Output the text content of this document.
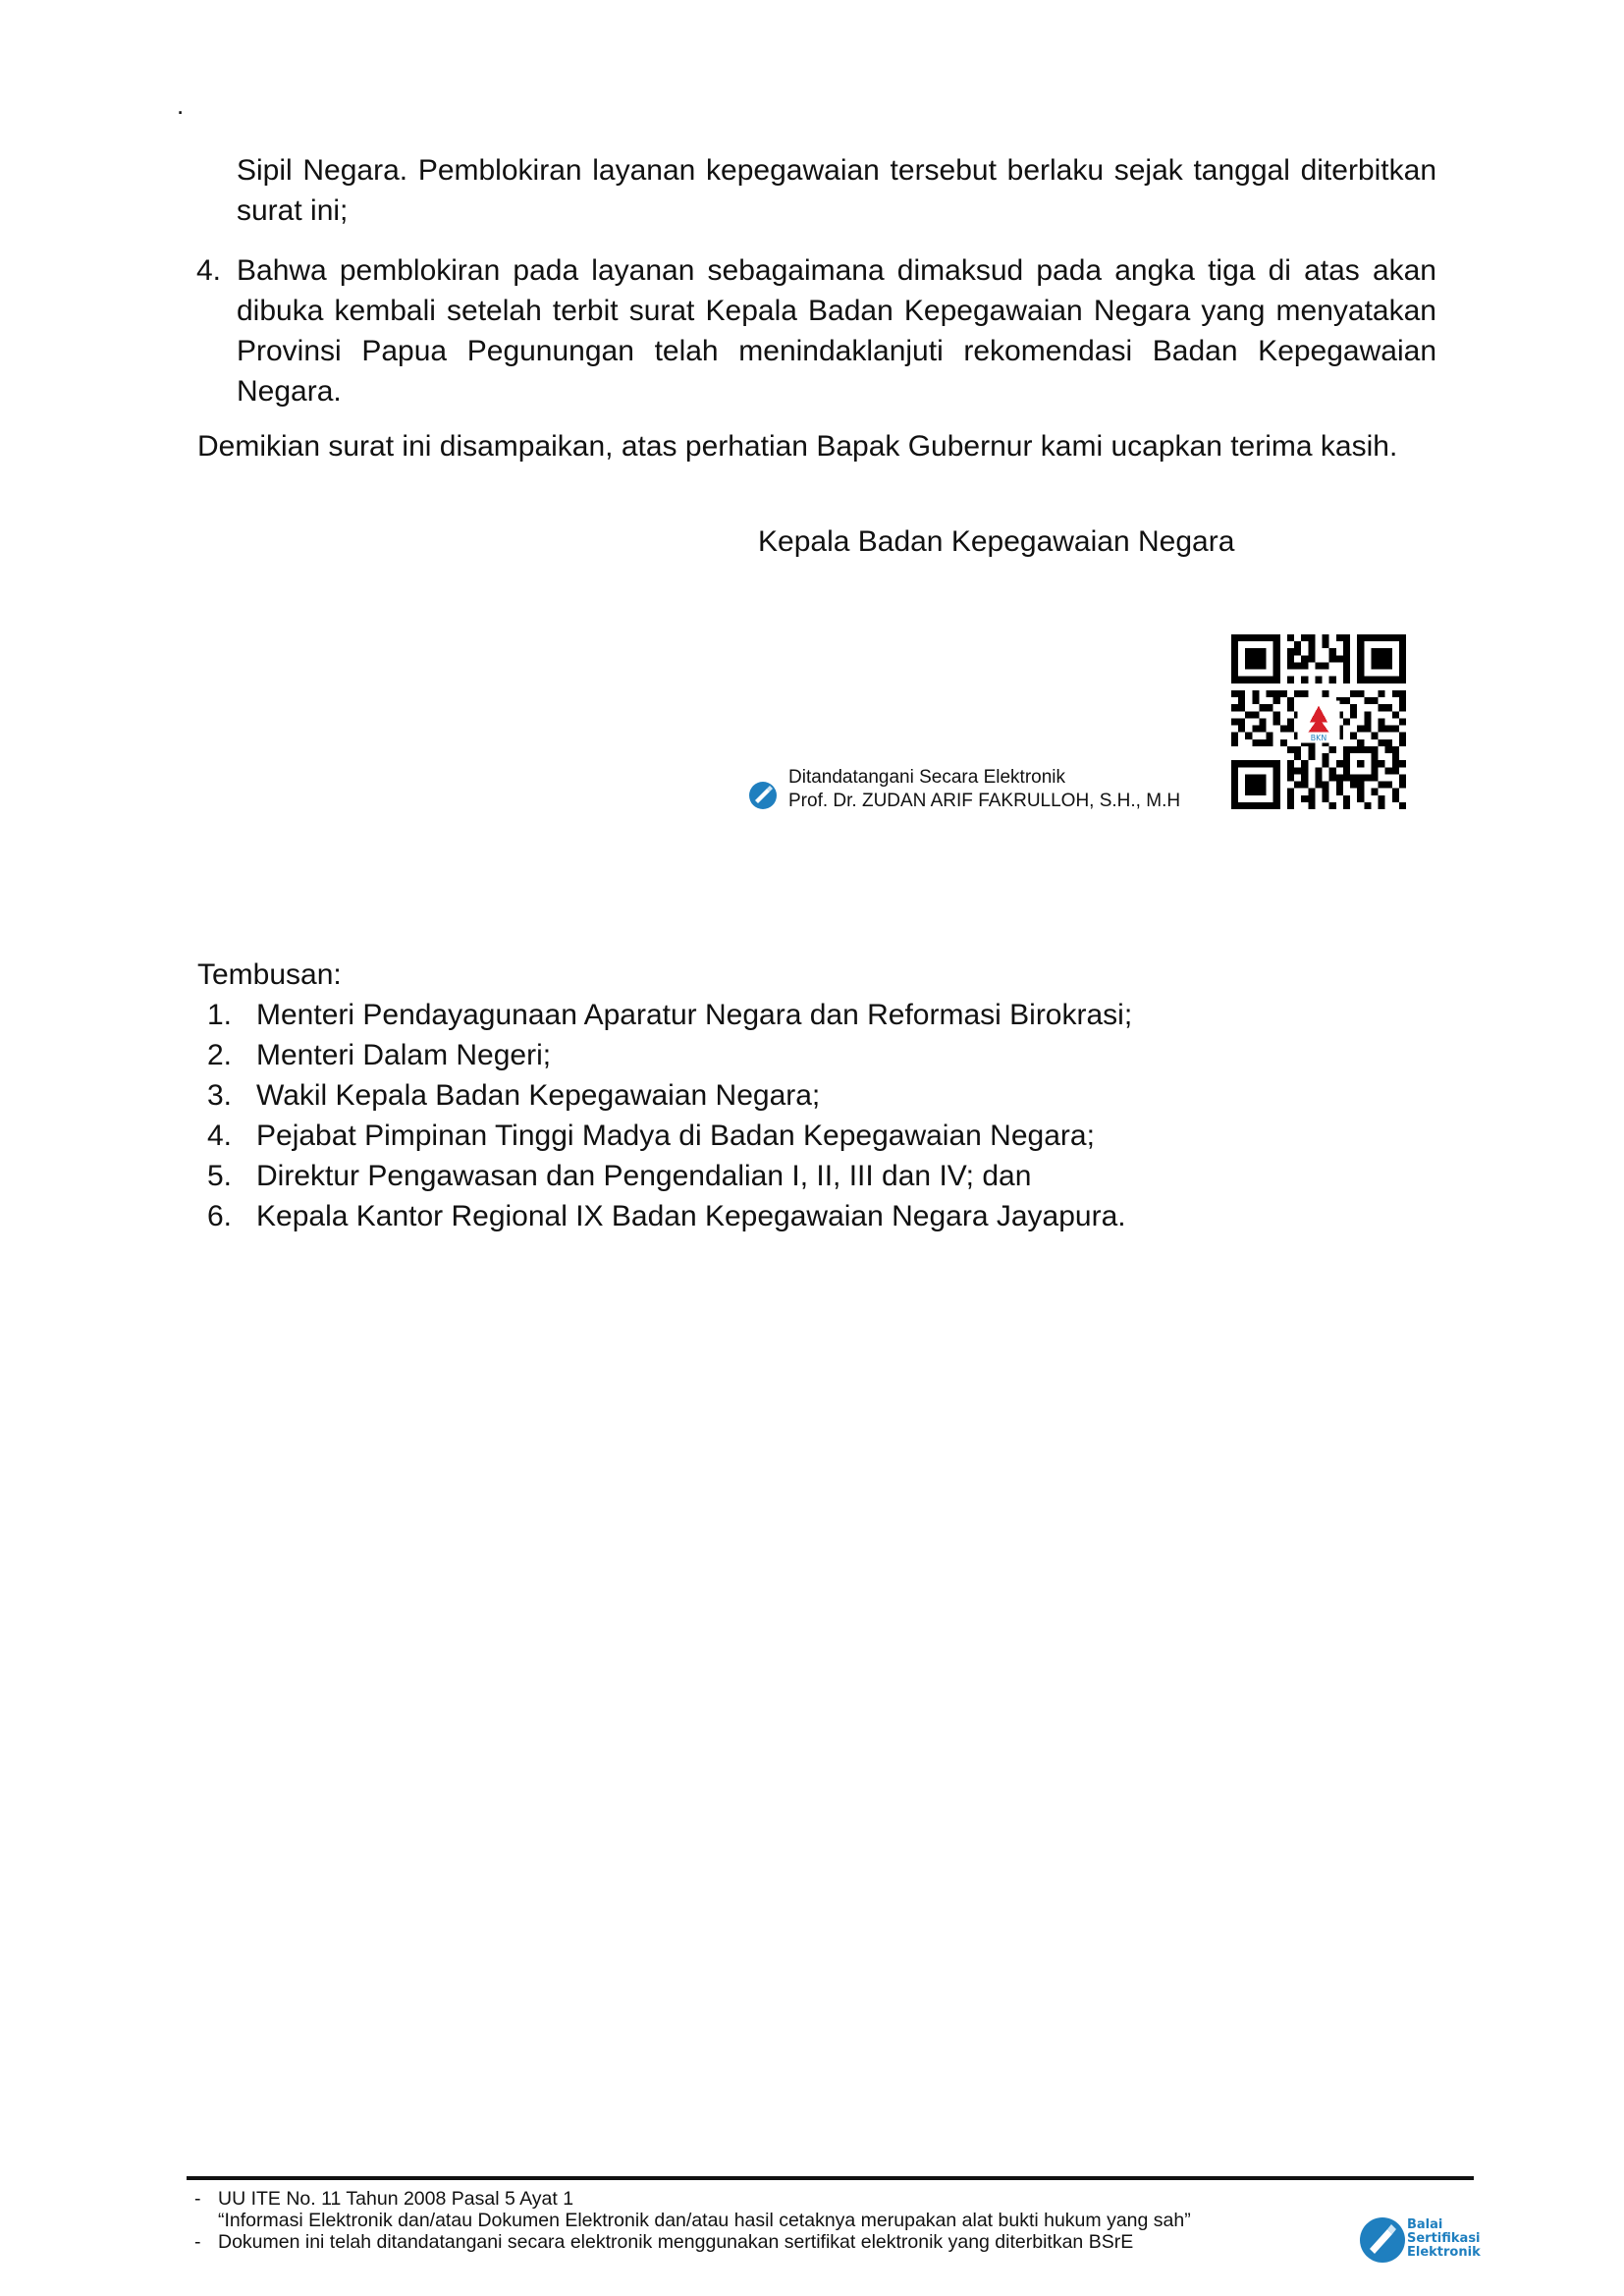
.
Sipil Negara. Pemblokiran layanan kepegawaian tersebut berlaku sejak tanggal diterbitkan surat ini;
4. Bahwa pemblokiran pada layanan sebagaimana dimaksud pada angka tiga di atas akan dibuka kembali setelah terbit surat Kepala Badan Kepegawaian Negara yang menyatakan Provinsi Papua Pegunungan telah menindaklanjuti rekomendasi Badan Kepegawaian Negara.
Demikian surat ini disampaikan, atas perhatian Bapak Gubernur kami ucapkan terima kasih.
Kepala Badan Kepegawaian Negara
BKN
Ditandatangani Secara Elektronik
Prof. Dr. ZUDAN ARIF FAKRULLOH, S.H., M.H
Tembusan:
1. Menteri Pendayagunaan Aparatur Negara dan Reformasi Birokrasi;
2. Menteri Dalam Negeri;
3. Wakil Kepala Badan Kepegawaian Negara;
4. Pejabat Pimpinan Tinggi Madya di Badan Kepegawaian Negara;
5. Direktur Pengawasan dan Pengendalian I, II, III dan IV; dan
6. Kepala Kantor Regional IX Badan Kepegawaian Negara Jayapura.
- UU ITE No. 11 Tahun 2008 Pasal 5 Ayat 1
“Informasi Elektronik dan/atau Dokumen Elektronik dan/atau hasil cetaknya merupakan alat bukti hukum yang sah”
- Dokumen ini telah ditandatangani secara elektronik menggunakan sertifikat elektronik yang diterbitkan BSrE
Balai
Sertifikasi
Elektronik
